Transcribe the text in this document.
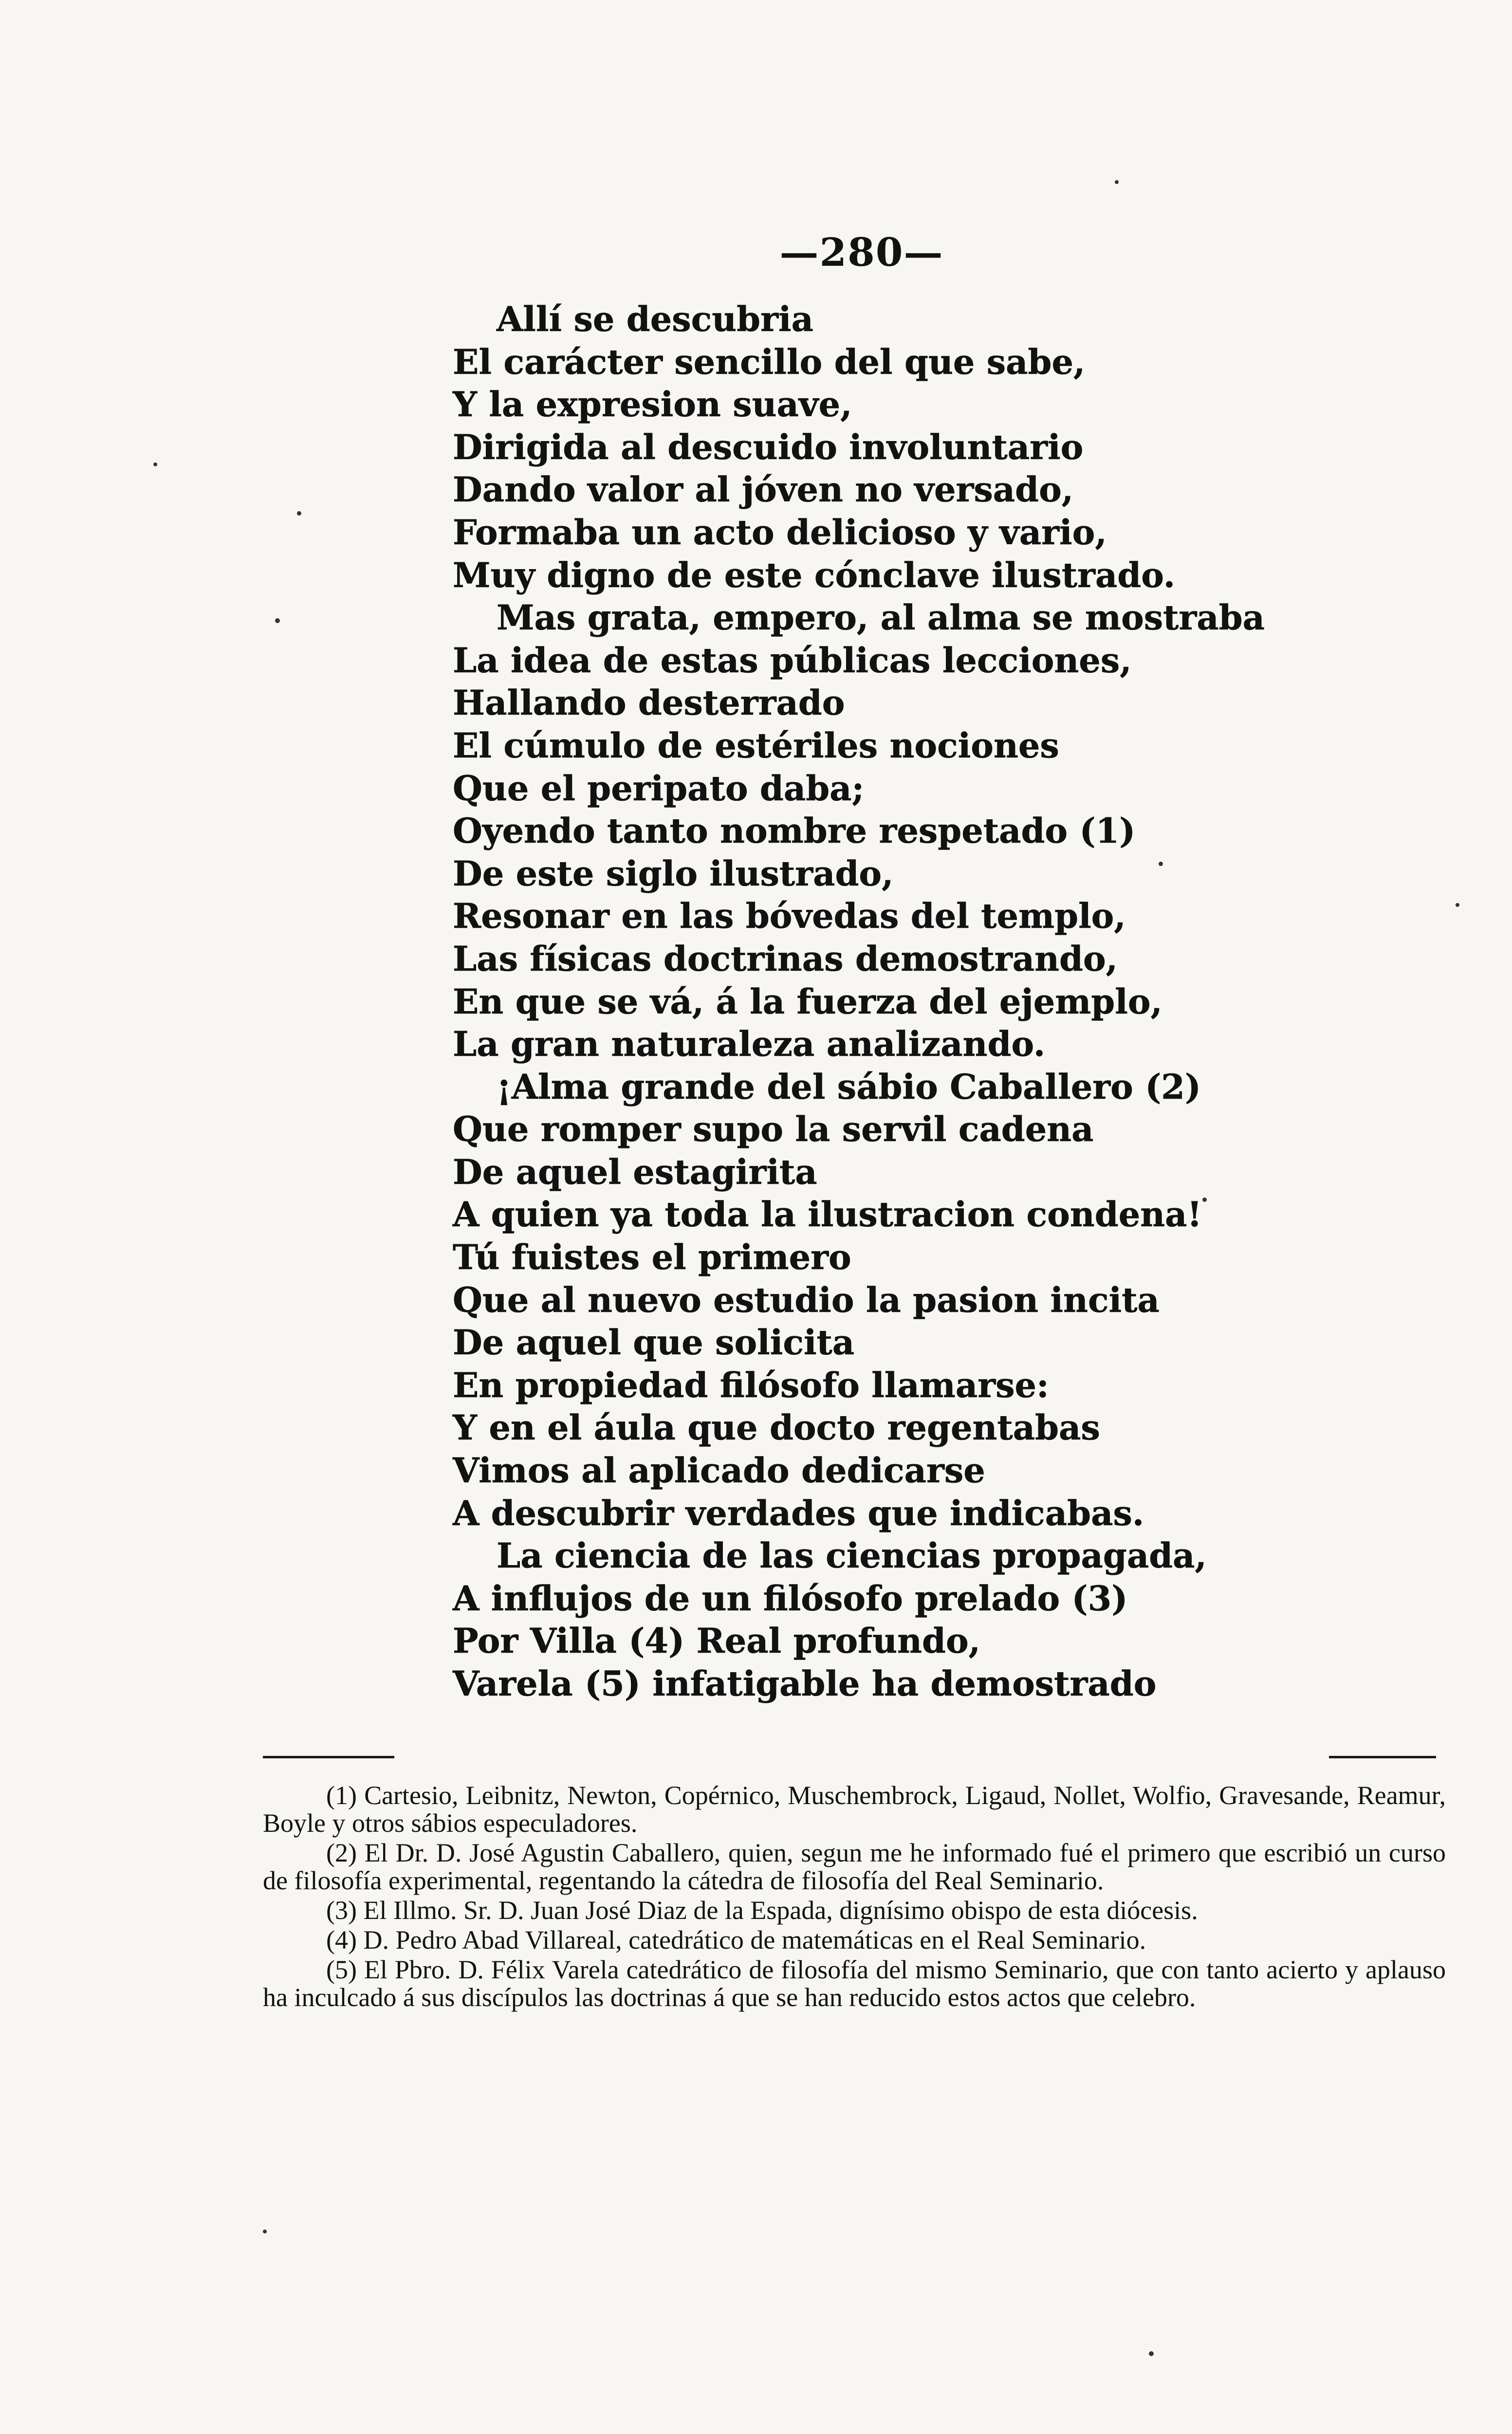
—280—
Allí se descubria
El carácter sencillo del que sabe,
Y la expresion suave,
Dirigida al descuido involuntario
Dando valor al jóven no versado,
Formaba un acto delicioso y vario,
Muy digno de este cónclave ilustrado.
Mas grata, empero, al alma se mostraba
La idea de estas públicas lecciones,
Hallando desterrado
El cúmulo de estériles nociones
Que el peripato daba;
Oyendo tanto nombre respetado (1)
De este siglo ilustrado,
Resonar en las bóvedas del templo,
Las físicas doctrinas demostrando,
En que se vá, á la fuerza del ejemplo,
La gran naturaleza analizando.
¡Alma grande del sábio Caballero (2)
Que romper supo la servil cadena
De aquel estagirita
A quien ya toda la ilustracion condena!
Tú fuistes el primero
Que al nuevo estudio la pasion incita
De aquel que solicita
En propiedad filósofo llamarse:
Y en el áula que docto regentabas
Vimos al aplicado dedicarse
A descubrir verdades que indicabas.
La ciencia de las ciencias propagada,
A influjos de un filósofo prelado (3)
Por Villa (4) Real profundo,
Varela (5) infatigable ha demostrado

(1) Cartesio, Leibnitz, Newton, Copérnico, Muschembrock, Ligaud, Nollet, Wolfio, Gravesande, Reamur, Boyle y otros sábios especuladores.

(2) El Dr. D. José Agustin Caballero, quien, segun me he informado fué el primero que escribió un curso de filosofía experimental, regentando la cátedra de filosofía del Real Seminario.

(3) El Illmo. Sr. D. Juan José Diaz de la Espada, dignísimo obispo de esta diócesis.

(4) D. Pedro Abad Villareal, catedrático de matemáticas en el Real Seminario.

(5) El Pbro. D. Félix Varela catedrático de filosofía del mismo Seminario, que con tanto acierto y aplauso ha inculcado á sus discípulos las doctrinas á que se han reducido estos actos que celebro.
